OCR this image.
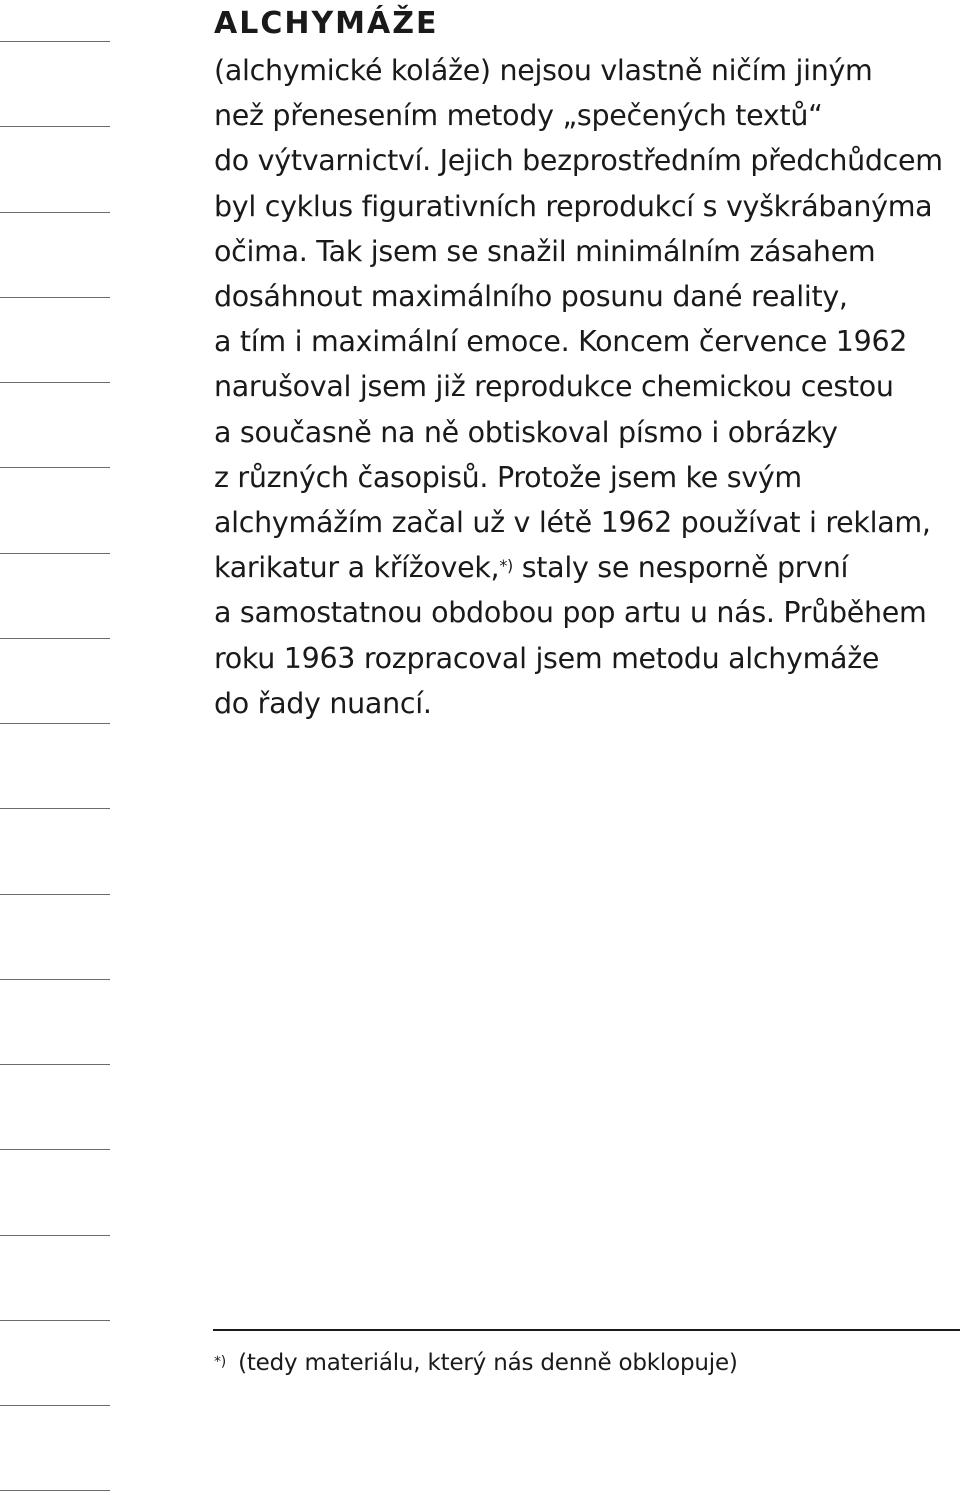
ALCHYMÁŽE
(alchymické koláže) nejsou vlastně ničím jiným
než přenesením metody „spečených textů“
do výtvarnictví. Jejich bezprostředním předchůdcem
byl cyklus figurativních reprodukcí s vyškrábanýma
očima. Tak jsem se snažil minimálním zásahem
dosáhnout maximálního posunu dané reality,
a tím i maximální emoce. Koncem července 1962
narušoval jsem již reprodukce chemickou cestou
a současně na ně obtiskoval písmo i obrázky
z různých časopisů. Protože jsem ke svým
alchymážím začal už v létě 1962 používat i reklam,
karikatur a křížovek,*) staly se nesporně první
a samostatnou obdobou pop artu u nás. Průběhem
roku 1963 rozpracoval jsem metodu alchymáže
do řady nuancí.

*) (tedy materiálu, který nás denně obklopuje)
